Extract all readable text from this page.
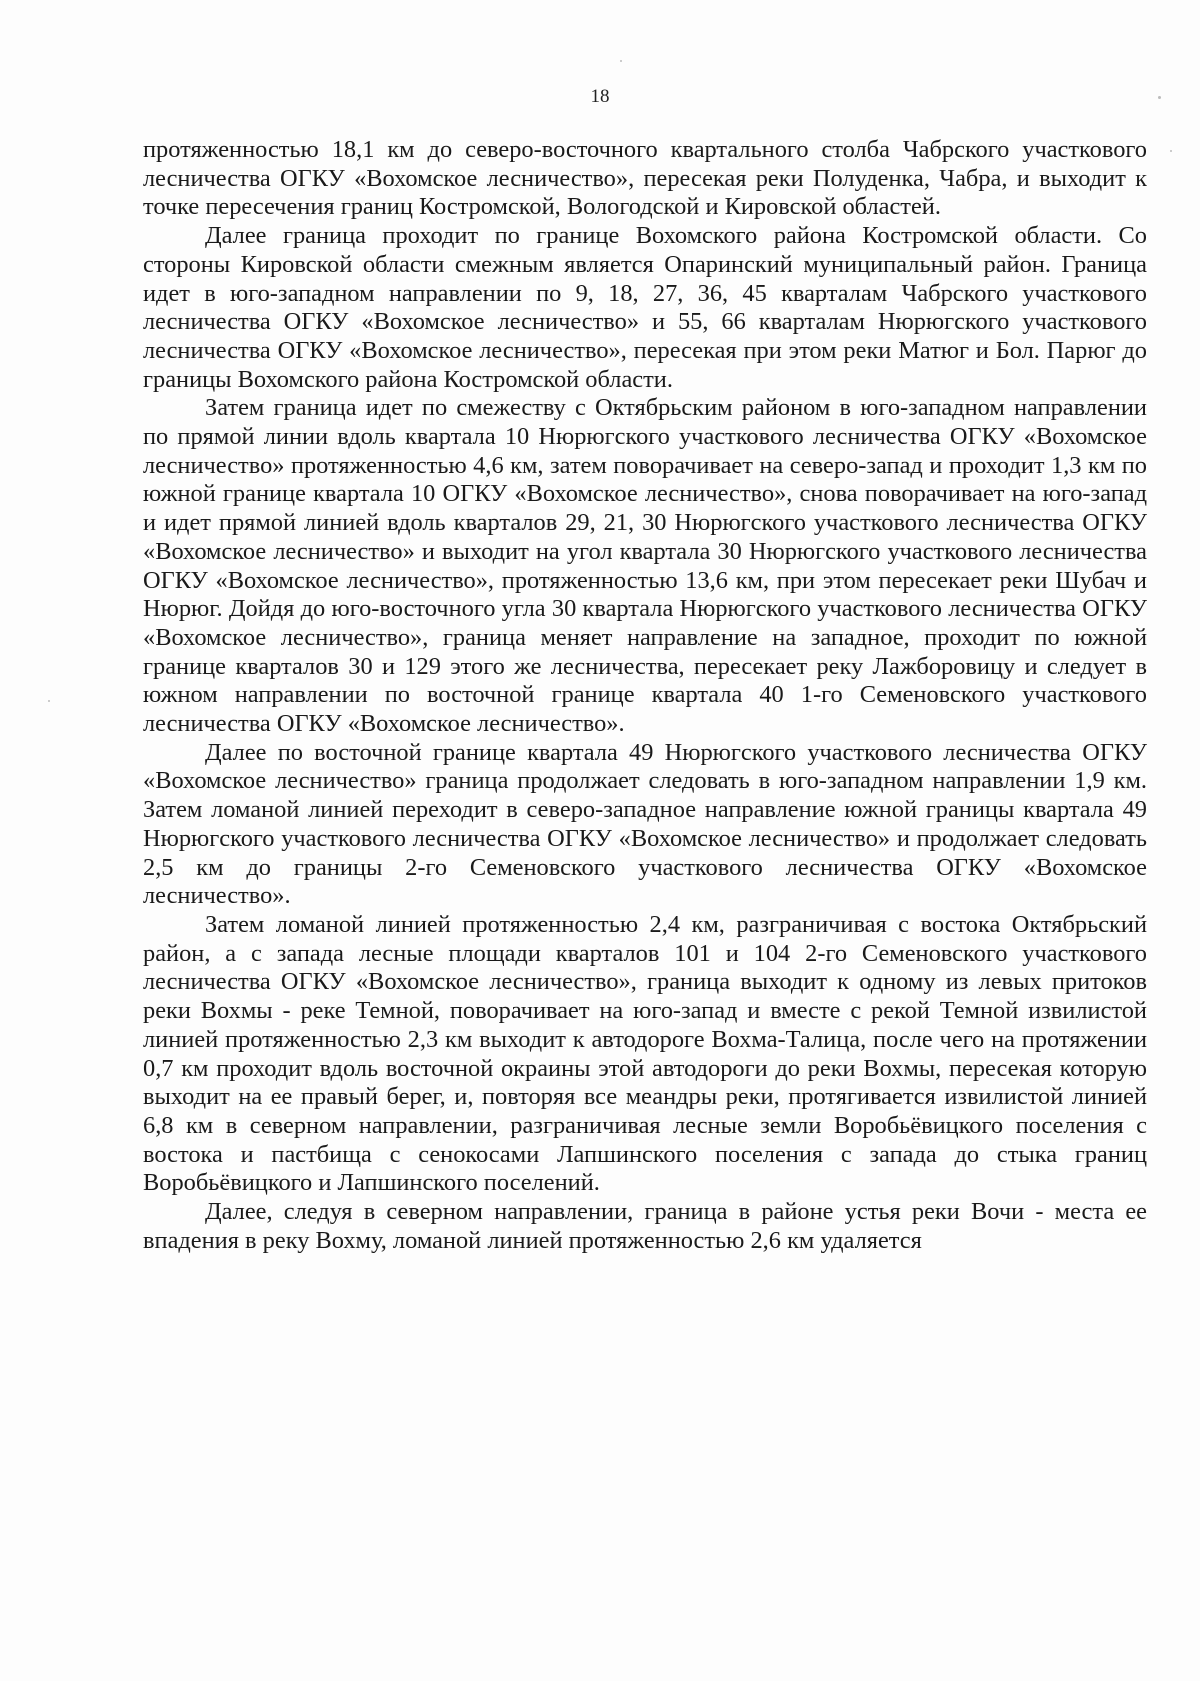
18

протяженностью 18,1 км до северо-восточного квартального столба Чабрского участкового лесничества ОГКУ «Вохомское лесничество», пересекая реки Полуденка, Чабра, и выходит к точке пересечения границ Костромской, Вологодской и Кировской областей.

Далее граница проходит по границе Вохомского района Костромской области. Со стороны Кировской области смежным является Опаринский муниципальный район. Граница идет в юго-западном направлении по 9, 18, 27, 36, 45 кварталам Чабрского участкового лесничества ОГКУ «Вохомское лесничество» и 55, 66 кварталам Нюрюгского участкового лесничества ОГКУ «Вохомское лесничество», пересекая при этом реки Матюг и Бол. Парюг до границы Вохомского района Костромской области.

Затем граница идет по смежеству с Октябрьским районом в юго-западном направлении по прямой линии вдоль квартала 10 Нюрюгского участкового лесничества ОГКУ «Вохомское лесничество» протяженностью 4,6 км, затем поворачивает на северо-запад и проходит 1,3 км по южной границе квартала 10 ОГКУ «Вохомское лесничество», снова поворачивает на юго-запад и идет прямой линией вдоль кварталов 29, 21, 30 Нюрюгского участкового лесничества ОГКУ «Вохомское лесничество» и выходит на угол квартала 30 Нюрюгского участкового лесничества ОГКУ «Вохомское лесничество», протяженностью 13,6 км, при этом пересекает реки Шубач и Нюрюг. Дойдя до юго-восточного угла 30 квартала Нюрюгского участкового лесничества ОГКУ «Вохомское лесничество», граница меняет направление на западное, проходит по южной границе кварталов 30 и 129 этого же лесничества, пересекает реку Лажборовицу и следует в южном направлении по восточной границе квартала 40 1-го Семеновского участкового лесничества ОГКУ «Вохомское лесничество».

Далее по восточной границе квартала 49 Нюрюгского участкового лесничества ОГКУ «Вохомское лесничество» граница продолжает следовать в юго-западном направлении 1,9 км. Затем ломаной линией переходит в северо-западное направление южной границы квартала 49 Нюрюгского участкового лесничества ОГКУ «Вохомское лесничество» и продолжает следовать 2,5 км до границы 2-го Семеновского участкового лесничества ОГКУ «Вохомское лесничество».

Затем ломаной линией протяженностью 2,4 км, разграничивая с востока Октябрьский район, а с запада лесные площади кварталов 101 и 104 2-го Семеновского участкового лесничества ОГКУ «Вохомское лесничество», граница выходит к одному из левых притоков реки Вохмы - реке Темной, поворачивает на юго-запад и вместе с рекой Темной извилистой линией протяженностью 2,3 км выходит к автодороге Вохма-Талица, после чего на протяжении 0,7 км проходит вдоль восточной окраины этой автодороги до реки Вохмы, пересекая которую выходит на ее правый берег, и, повторяя все меандры реки, протягивается извилистой линией 6,8 км в северном направлении, разграничивая лесные земли Воробьёвицкого поселения с востока и пастбища с сенокосами Лапшинского поселения с запада до стыка границ Воробьёвицкого и Лапшинского поселений.

Далее, следуя в северном направлении, граница в районе устья реки Вочи - места ее впадения в реку Вохму, ломаной линией протяженностью 2,6 км удаляется
